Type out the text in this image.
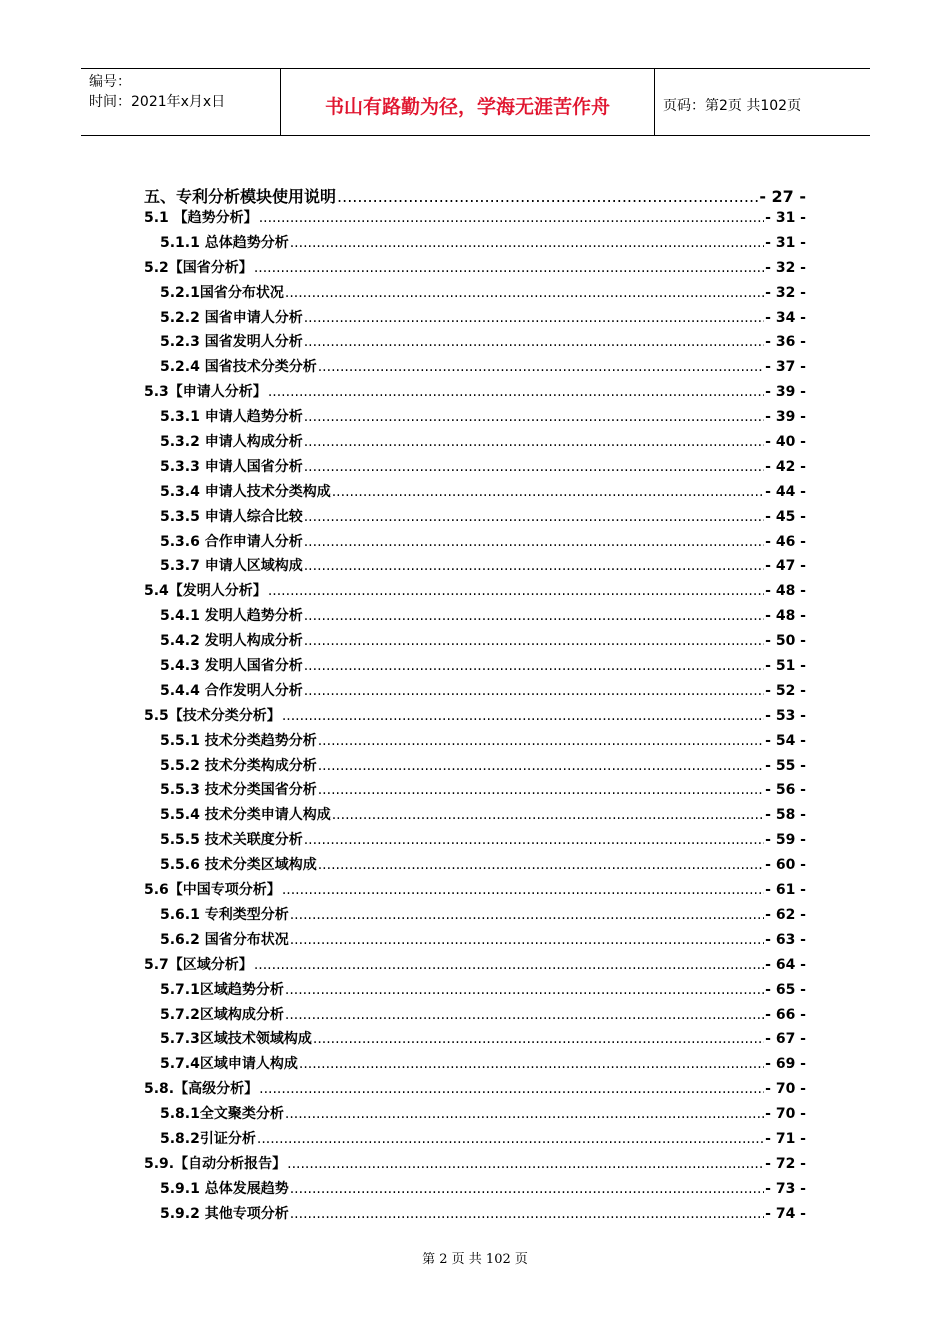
编号：
时间：2021年x月x日	书山有路勤为径，学海无涯苦作舟	页码：第2页 共102页
五、专利分析模块使用说明 .....	- 27 -
5.1 【趋势分析】 .....	- 31 -
5.1.1 总体趋势分析 .....	- 31 -
5.2【国省分析】 .....	- 32 -
5.2.1国省分布状况 .....	- 32 -
5.2.2 国省申请人分析 .....	- 34 -
5.2.3 国省发明人分析 .....	- 36 -
5.2.4 国省技术分类分析 .....	- 37 -
5.3【申请人分析】 .....	- 39 -
5.3.1 申请人趋势分析 .....	- 39 -
5.3.2 申请人构成分析 .....	- 40 -
5.3.3 申请人国省分析 .....	- 42 -
5.3.4 申请人技术分类构成 .....	- 44 -
5.3.5 申请人综合比较 .....	- 45 -
5.3.6 合作申请人分析 .....	- 46 -
5.3.7 申请人区域构成 .....	- 47 -
5.4【发明人分析】 .....	- 48 -
5.4.1 发明人趋势分析 .....	- 48 -
5.4.2 发明人构成分析 .....	- 50 -
5.4.3 发明人国省分析 .....	- 51 -
5.4.4 合作发明人分析 .....	- 52 -
5.5【技术分类分析】 .....	- 53 -
5.5.1 技术分类趋势分析 .....	- 54 -
5.5.2 技术分类构成分析 .....	- 55 -
5.5.3 技术分类国省分析 .....	- 56 -
5.5.4 技术分类申请人构成 .....	- 58 -
5.5.5 技术关联度分析 .....	- 59 -
5.5.6 技术分类区域构成 .....	- 60 -
5.6【中国专项分析】 .....	- 61 -
5.6.1 专利类型分析 .....	- 62 -
5.6.2 国省分布状况 .....	- 63 -
5.7【区域分析】 .....	- 64 -
5.7.1区域趋势分析 .....	- 65 -
5.7.2区域构成分析 .....	- 66 -
5.7.3区域技术领域构成 .....	- 67 -
5.7.4区域申请人构成 .....	- 69 -
5.8.【高级分析】 .....	- 70 -
5.8.1全文聚类分析 .....	- 70 -
5.8.2引证分析 .....	- 71 -
5.9.【自动分析报告】 .....	- 72 -
5.9.1 总体发展趋势 .....	- 73 -
5.9.2 其他专项分析 .....	- 74 -
第 2 页 共 102 页
